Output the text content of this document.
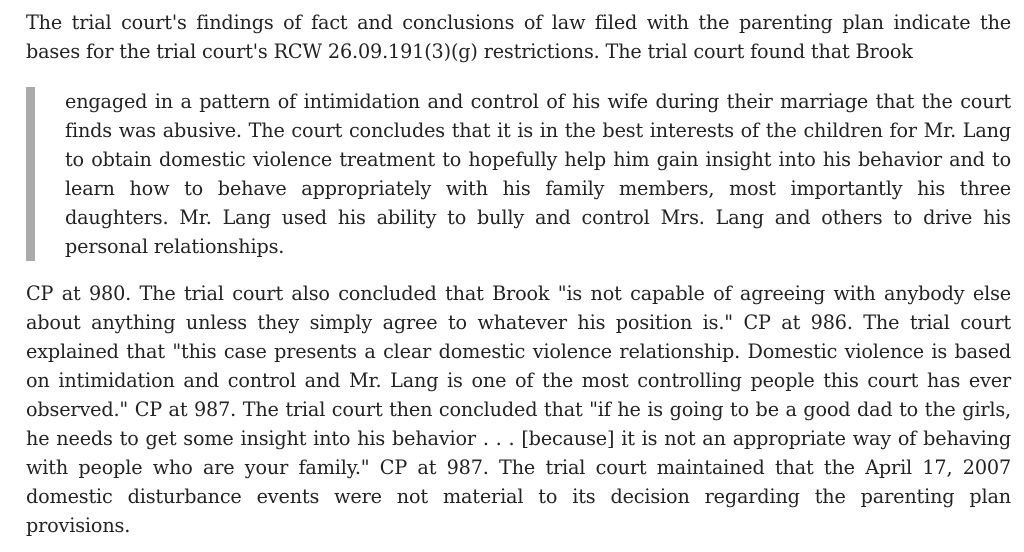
The trial court's findings of fact and conclusions of law filed with the parenting plan indicate the bases for the trial court's RCW 26.09.191(3)(g) restrictions. The trial court found that Brook

engaged in a pattern of intimidation and control of his wife during their marriage that the court finds was abusive. The court concludes that it is in the best interests of the children for Mr. Lang to obtain domestic violence treatment to hopefully help him gain insight into his behavior and to learn how to behave appropriately with his family members, most importantly his three daughters. Mr. Lang used his ability to bully and control Mrs. Lang and others to drive his personal relationships.

CP at 980. The trial court also concluded that Brook "is not capable of agreeing with anybody else about anything unless they simply agree to whatever his position is." CP at 986. The trial court explained that "this case presents a clear domestic violence relationship. Domestic violence is based on intimidation and control and Mr. Lang is one of the most controlling people this court has ever observed." CP at 987. The trial court then concluded that "if he is going to be a good dad to the girls, he needs to get some insight into his behavior . . . [because] it is not an appropriate way of behaving with people who are your family." CP at 987. The trial court maintained that the April 17, 2007 domestic disturbance events were not material to its decision regarding the parenting plan provisions.
